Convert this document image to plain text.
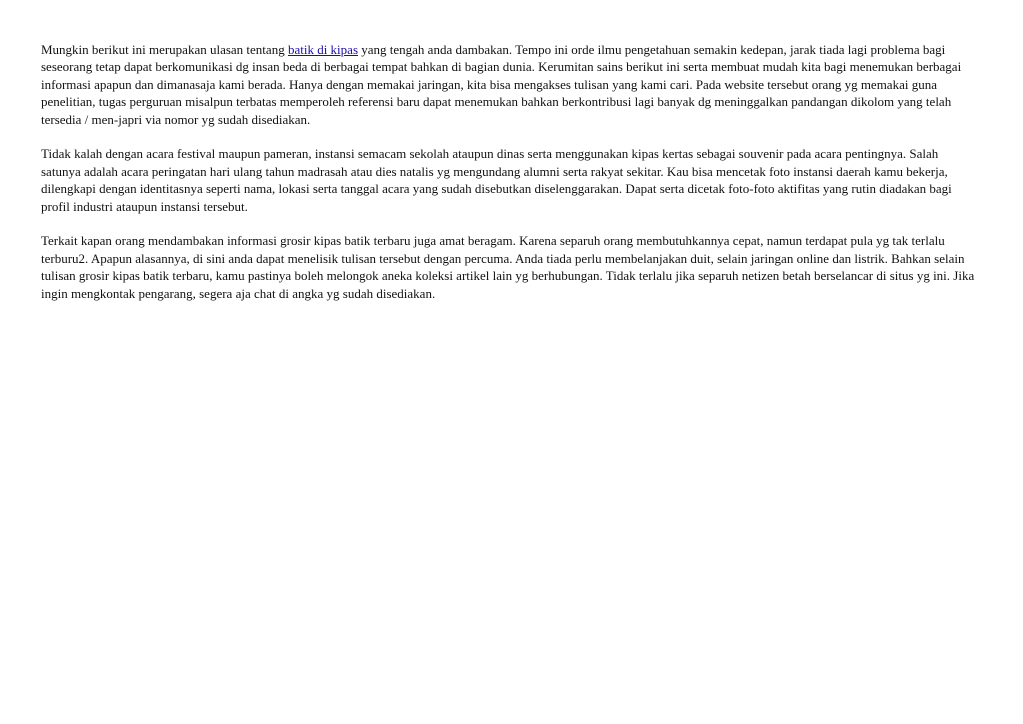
Mungkin berikut ini merupakan ulasan tentang batik di kipas yang tengah anda dambakan. Tempo ini orde ilmu pengetahuan semakin kedepan, jarak tiada lagi problema bagi seseorang tetap dapat berkomunikasi dg insan beda di berbagai tempat bahkan di bagian dunia. Kerumitan sains berikut ini serta membuat mudah kita bagi menemukan berbagai informasi apapun dan dimanasaja kami berada. Hanya dengan memakai jaringan, kita bisa mengakses tulisan yang kami cari. Pada website tersebut orang yg memakai guna penelitian, tugas perguruan misalpun terbatas memperoleh referensi baru dapat menemukan bahkan berkontribusi lagi banyak dg meninggalkan pandangan dikolom yang telah tersedia / men-japri via nomor yg sudah disediakan.

Tidak kalah dengan acara festival maupun pameran, instansi semacam sekolah ataupun dinas serta menggunakan kipas kertas sebagai souvenir pada acara pentingnya. Salah satunya adalah acara peringatan hari ulang tahun madrasah atau dies natalis yg mengundang alumni serta rakyat sekitar. Kau bisa mencetak foto instansi daerah kamu bekerja, dilengkapi dengan identitasnya seperti nama, lokasi serta tanggal acara yang sudah disebutkan diselenggarakan. Dapat serta dicetak foto-foto aktifitas yang rutin diadakan bagi profil industri ataupun instansi tersebut.

Terkait kapan orang mendambakan informasi grosir kipas batik terbaru juga amat beragam. Karena separuh orang membutuhkannya cepat, namun terdapat pula yg tak terlalu terburu2. Apapun alasannya, di sini anda dapat menelisik tulisan tersebut dengan percuma. Anda tiada perlu membelanjakan duit, selain jaringan online dan listrik. Bahkan selain tulisan grosir kipas batik terbaru, kamu pastinya boleh melongok aneka koleksi artikel lain yg berhubungan. Tidak terlalu jika separuh netizen betah berselancar di situs yg ini. Jika ingin mengkontak pengarang, segera aja chat di angka yg sudah disediakan.
